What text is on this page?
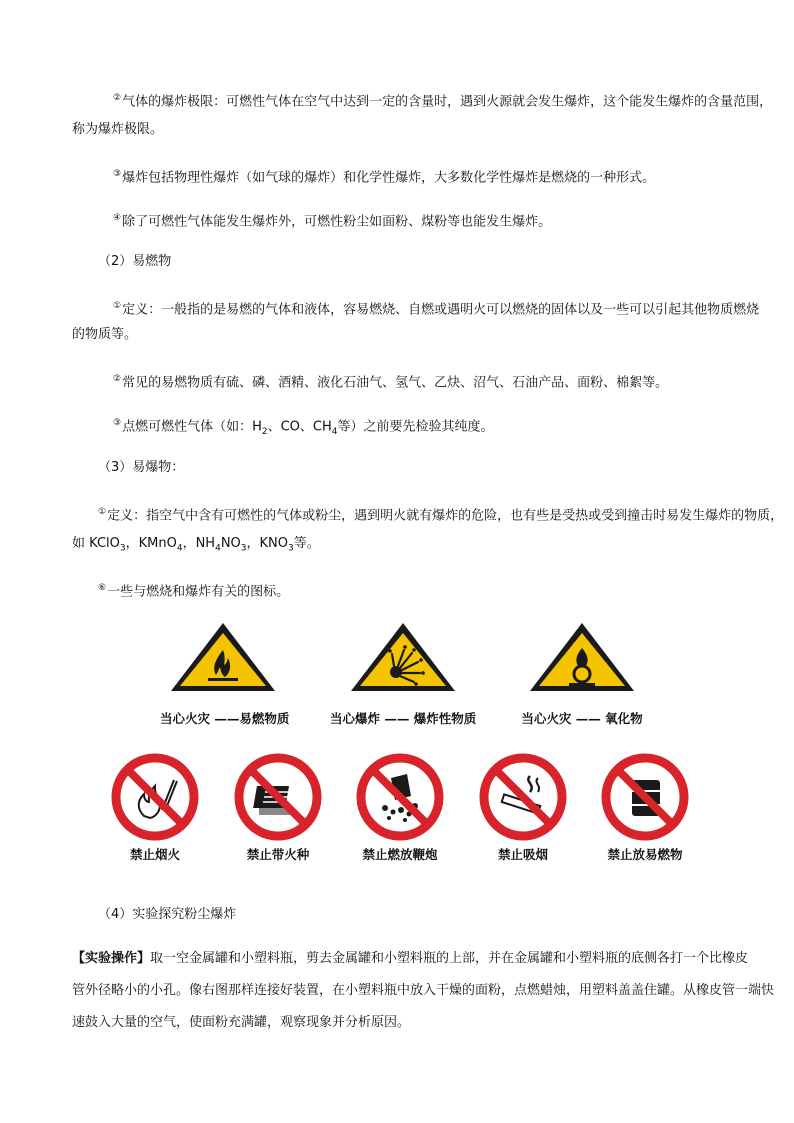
②气体的爆炸极限：可燃性气体在空气中达到一定的含量时，遇到火源就会发生爆炸，这个能发生爆炸的含量范围，
称为爆炸极限。
③爆炸包括物理性爆炸（如气球的爆炸）和化学性爆炸，大多数化学性爆炸是燃烧的一种形式。
④除了可燃性气体能发生爆炸外，可燃性粉尘如面粉、煤粉等也能发生爆炸。
（2）易燃物
①定义：一般指的是易燃的气体和液体，容易燃烧、自燃或遇明火可以燃烧的固体以及一些可以引起其他物质燃烧
的物质等。
②常见的易燃物质有硫、磷、酒精、液化石油气、氢气、乙炔、沼气、石油产品、面粉、棉絮等。
③点燃可燃性气体（如：$H_2$、CO、$CH_4$等）之前要先检验其纯度。
（3）易爆物：
①定义：指空气中含有可燃性的气体或粉尘，遇到明火就有爆炸的危险，也有些是受热或受到撞击时易发生爆炸的物质，
如 KClO$_3$，KMnO$_4$，$NH_4NO_3$，$KNO_3$等。
⑥一些与燃烧和爆炸有关的图标。
当心火灾 ——易燃物质	当心爆炸 —— 爆炸性物质	当心火灾 —— 氧化物
禁止烟火	禁止带火种	禁止燃放鞭炮	禁止吸烟	禁止放易燃物
（4）实验探究粉尘爆炸
【实验操作】取一空金属罐和小塑料瓶，剪去金属罐和小塑料瓶的上部，并在金属罐和小塑料瓶的底侧各打一个比橡皮
管外径略小的小孔。像右图那样连接好装置，在小塑料瓶中放入干燥的面粉，点燃蜡烛，用塑料盖盖住罐。从橡皮管一端快
速鼓入大量的空气，使面粉充满罐，观察现象并分析原因。
